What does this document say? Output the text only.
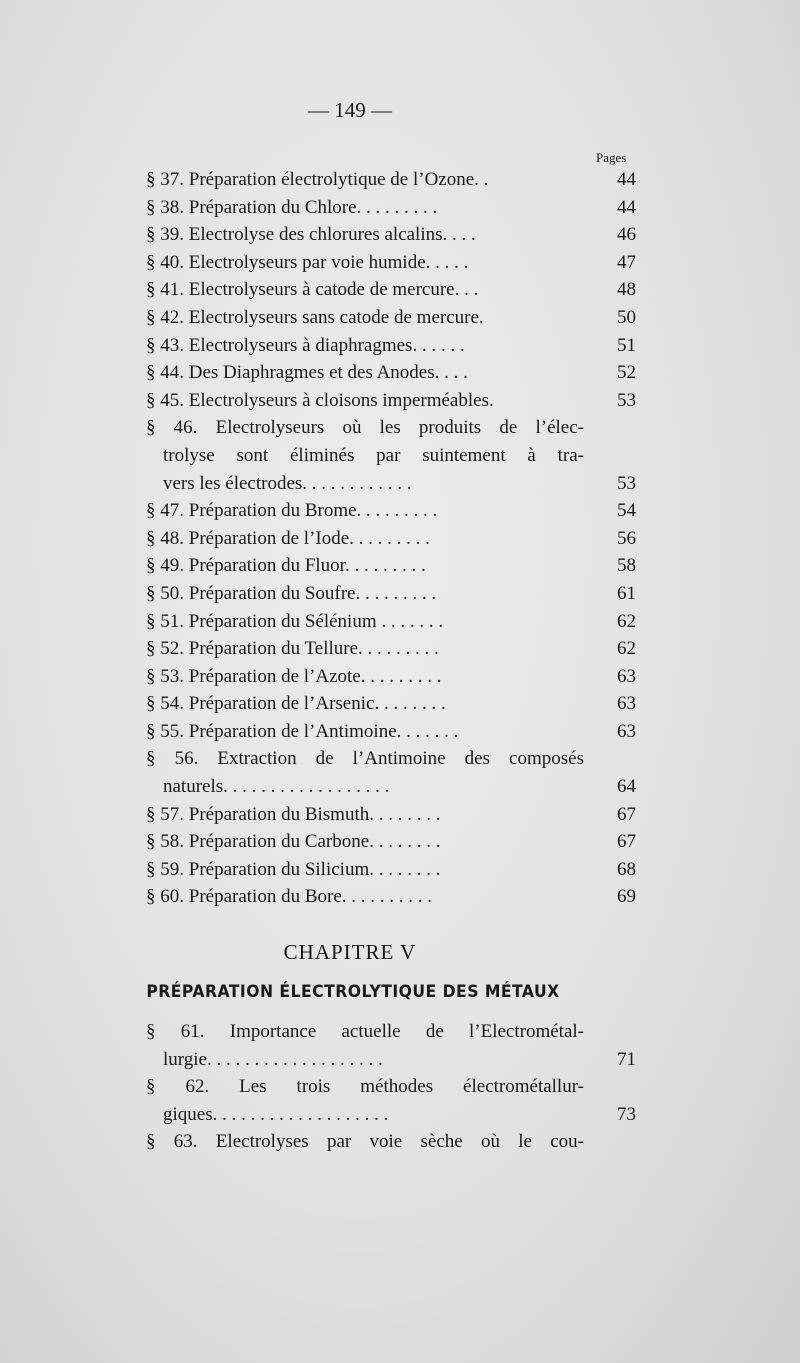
— 149 —
Pages
§ 37. Préparation électrolytique de l’Ozone. .	44
§ 38. Préparation du Chlore. . . . . . . . .	44
§ 39. Electrolyse des chlorures alcalins. . . .	46
§ 40. Electrolyseurs par voie humide. . . . .	47
§ 41. Electrolyseurs à catode de mercure. . .	48
§ 42. Electrolyseurs sans catode de mercure.	50
§ 43. Electrolyseurs à diaphragmes. . . . . .	51
§ 44. Des Diaphragmes et des Anodes. . . .	52
§ 45. Electrolyseurs à cloisons imperméables.	53
§ 46. Electrolyseurs où les produits de l’élec-
trolyse sont éliminés par suintement à tra-
vers les électrodes. . . . . . . . . . . .	53
§ 47. Préparation du Brome. . . . . . . . .	54
§ 48. Préparation de l’Iode. . . . . . . . .	56
§ 49. Préparation du Fluor. . . . . . . . .	58
§ 50. Préparation du Soufre. . . . . . . . .	61
§ 51. Préparation du Sélénium . . . . . . .	62
§ 52. Préparation du Tellure. . . . . . . . .	62
§ 53. Préparation de l’Azote. . . . . . . . .	63
§ 54. Préparation de l’Arsenic. . . . . . . .	63
§ 55. Préparation de l’Antimoine. . . . . . .	63
§ 56. Extraction de l’Antimoine des composés
naturels. . . . . . . . . . . . . . . . . .	64
§ 57. Préparation du Bismuth. . . . . . . .	67
§ 58. Préparation du Carbone. . . . . . . .	67
§ 59. Préparation du Silicium. . . . . . . .	68
§ 60. Préparation du Bore. . . . . . . . . .	69
CHAPITRE V
PRÉPARATION ÉLECTROLYTIQUE DES MÉTAUX
§ 61. Importance actuelle de l’Electrométal-
lurgie. . . . . . . . . . . . . . . . . . .	71
§ 62. Les trois méthodes électrométallur-
giques. . . . . . . . . . . . . . . . . . .	73
§ 63. Electrolyses par voie sèche où le cou-
